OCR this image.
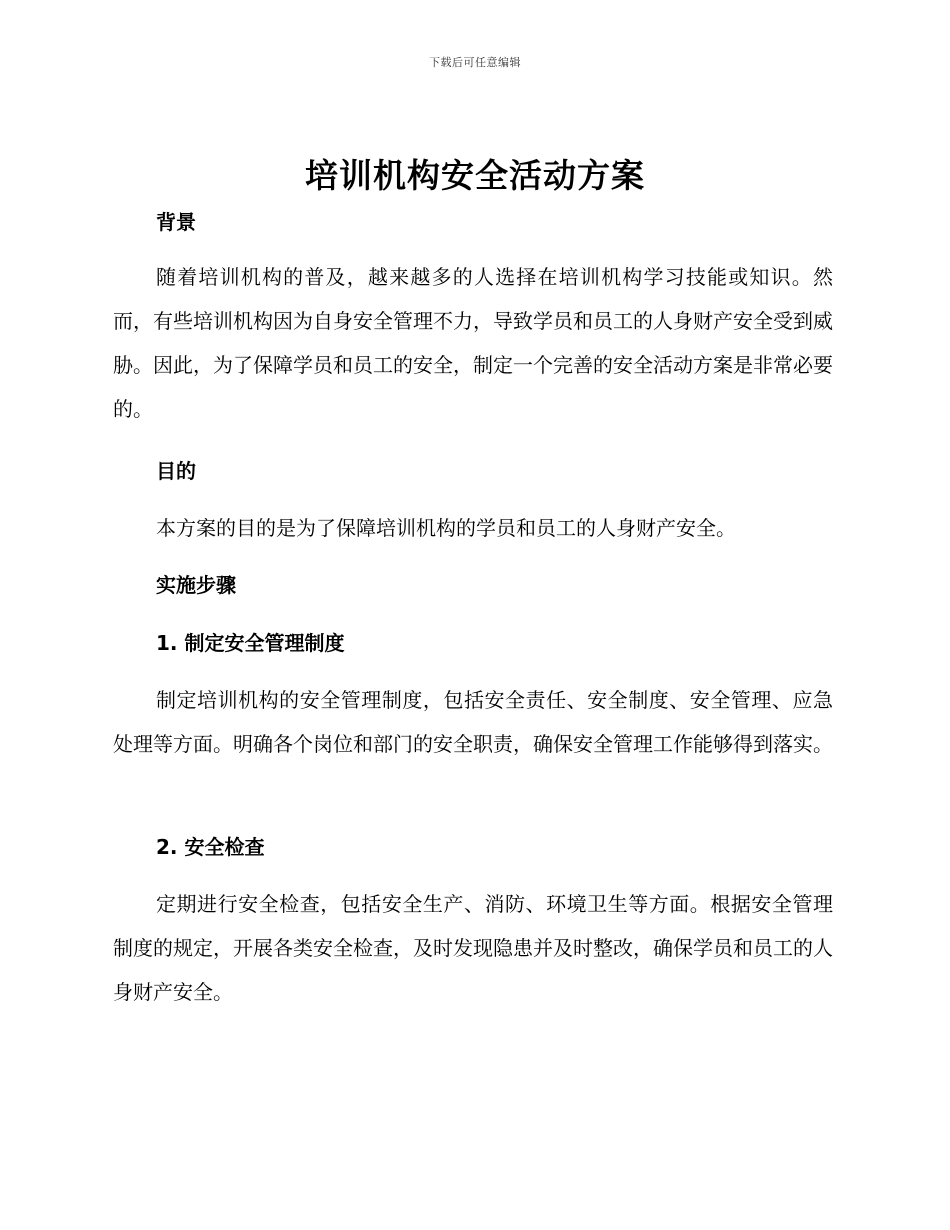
下载后可任意编辑
培训机构安全活动方案
背景
随着培训机构的普及，越来越多的人选择在培训机构学习技能或知识。然而，有些培训机构因为自身安全管理不力，导致学员和员工的人身财产安全受到威胁。因此，为了保障学员和员工的安全，制定一个完善的安全活动方案是非常必要的。
目的
本方案的目的是为了保障培训机构的学员和员工的人身财产安全。
实施步骤
1. 制定安全管理制度
制定培训机构的安全管理制度，包括安全责任、安全制度、安全管理、应急处理等方面。明确各个岗位和部门的安全职责，确保安全管理工作能够得到落实。
2. 安全检查
定期进行安全检查，包括安全生产、消防、环境卫生等方面。根据安全管理制度的规定，开展各类安全检查，及时发现隐患并及时整改，确保学员和员工的人身财产安全。
